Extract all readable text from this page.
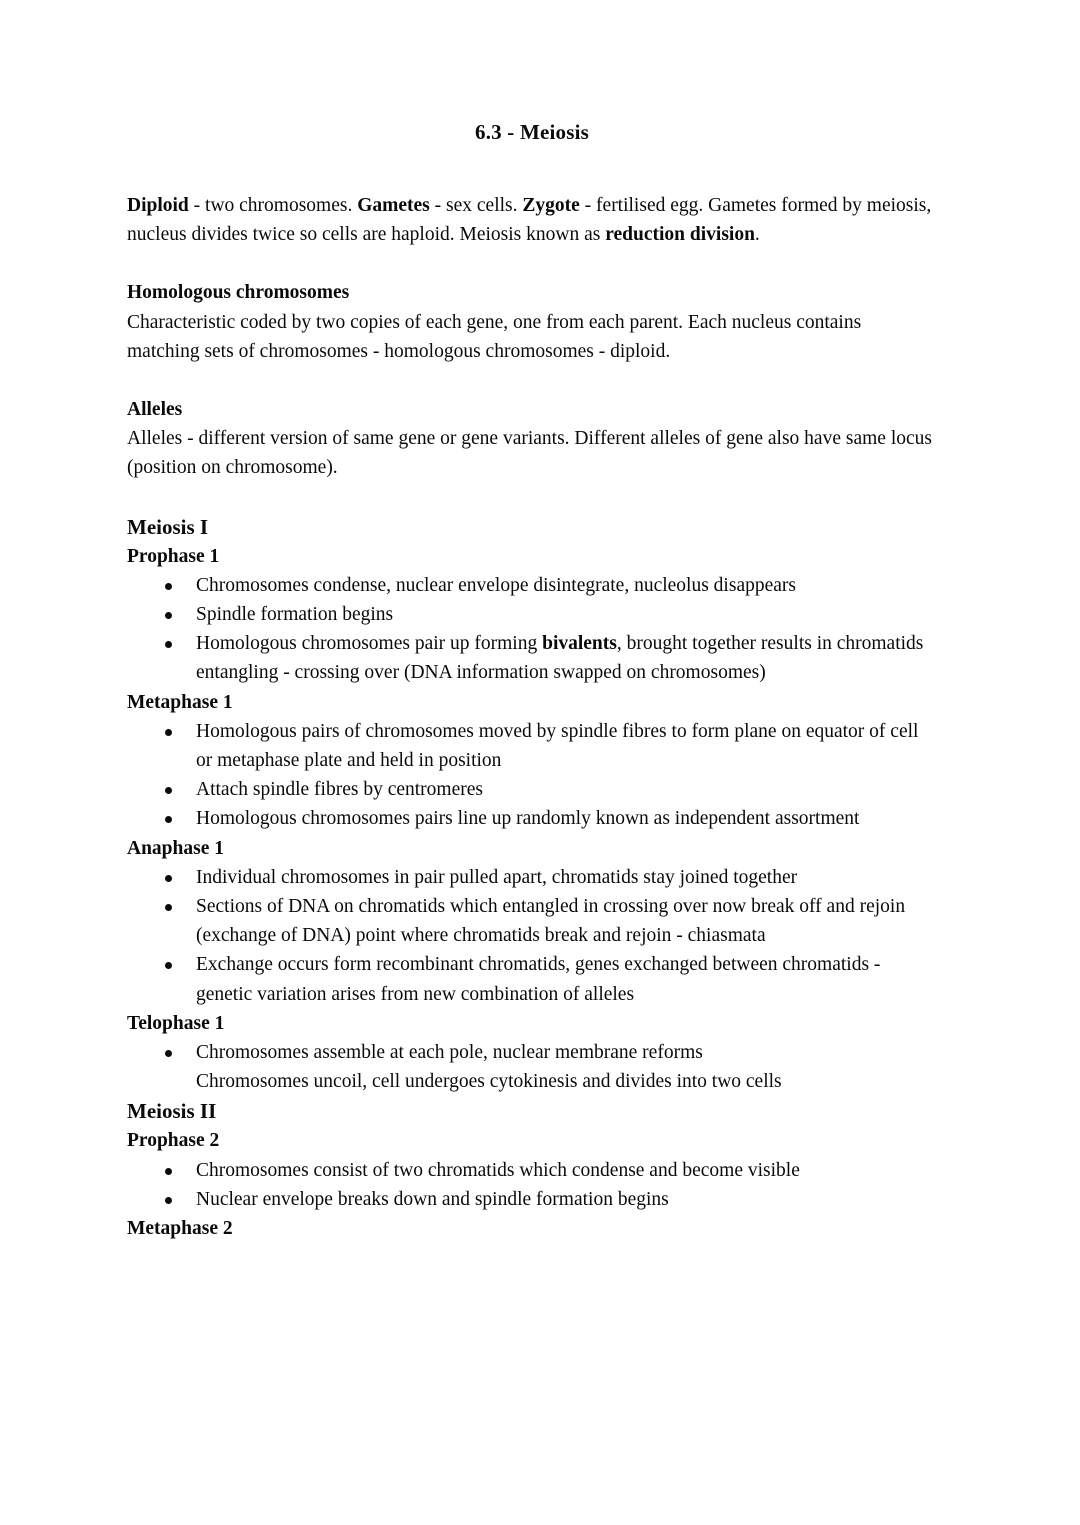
6.3 - Meiosis

Diploid - two chromosomes. Gametes - sex cells. Zygote - fertilised egg. Gametes formed by meiosis, nucleus divides twice so cells are haploid. Meiosis known as reduction division.

Homologous chromosomes

Characteristic coded by two copies of each gene, one from each parent. Each nucleus contains matching sets of chromosomes - homologous chromosomes - diploid.

Alleles

Alleles - different version of same gene or gene variants. Different alleles of gene also have same locus (position on chromosome).

Meiosis I
Prophase 1
Chromosomes condense, nuclear envelope disintegrate, nucleolus disappears
Spindle formation begins
Homologous chromosomes pair up forming bivalents, brought together results in chromatids entangling - crossing over (DNA information swapped on chromosomes)
Metaphase 1
Homologous pairs of chromosomes moved by spindle fibres to form plane on equator of cell or metaphase plate and held in position
Attach spindle fibres by centromeres
Homologous chromosomes pairs line up randomly known as independent assortment
Anaphase 1
Individual chromosomes in pair pulled apart, chromatids stay joined together
Sections of DNA on chromatids which entangled in crossing over now break off and rejoin (exchange of DNA) point where chromatids break and rejoin - chiasmata
Exchange occurs form recombinant chromatids, genes exchanged between chromatids - genetic variation arises from new combination of alleles
Telophase 1
Chromosomes assemble at each pole, nuclear membrane reforms
Chromosomes uncoil, cell undergoes cytokinesis and divides into two cells
Meiosis II
Prophase 2
Chromosomes consist of two chromatids which condense and become visible
Nuclear envelope breaks down and spindle formation begins
Metaphase 2
